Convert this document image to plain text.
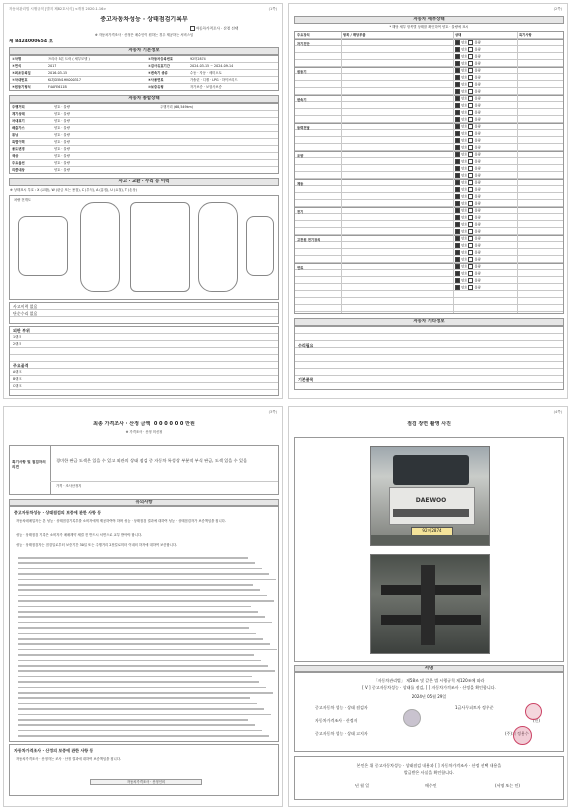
자동차관리법 시행규칙 [별지 제82호서식] <개정 2020.1.16>	(1쪽)
중고자동차성능 · 상태점검기록부
자동차가격조사 · 산정 선택
※ 자동차가격조사 · 산정은 매수인이 원하는 경우 제공하는 서비스임
제 8424000654 호
자동차 기본정보
①차명	프리마 5톤 트럭 ( 세부모델 )	②자동차등록번호	92머2874
③연식	2017	④검사유효기간	2024-03-15 ~ 2024-09-14
⑤최초등록일	2016-03-15	⑥변속기 종류	수동 · 자동 · 세미오토
⑦차대번호	KLTJD5N1HK000317	⑧사용연료	가솔린 · 디젤 · LPG · 하이브리드
⑨원동기형식	F4AFE611B	⑩보증유형	자가보증 · 보험사보증
자동차 종합상태
주행거리	양호 · 불량
계기상태	양호 · 불량
차대표기	양호 · 불량
배출가스	양호 · 불량
튜닝	양호 · 불량
특별이력	양호 · 불량
용도변경	양호 · 불량
색상	양호 · 불량
주요옵션	양호 · 불량
리콜대상	양호 · 불량
주행거리 (68,549km)
사고 · 교환 · 수리 등 이력
※ 상태표시 부호 : X (교환), W (판금 또는 용접), C (부식), A (흠집), U (요철), T (손상)
차량 전개도
사고이력 없음
단순수리 없음
외판 부위
주요골격
1랭크
2랭크
A랭크
B랭크
C랭크
(2쪽)
자동차 세부상태
* 해당 세부 항목별 상태를 확인하여 양호 · 불량에 표시
주요장치	항목 / 해당부품	상태	특기사항
자기진단	양호 불량
양호 불량
양호 불량
양호 불량
원동기	양호 불량
양호 불량
양호 불량
양호 불량
변속기	양호 불량
양호 불량
양호 불량
양호 불량
동력전달	양호 불량
양호 불량
양호 불량
양호 불량
조향	양호 불량
양호 불량
양호 불량
양호 불량
제동	양호 불량
양호 불량
양호 불량
양호 불량
전기	양호 불량
양호 불량
양호 불량
양호 불량
고전원 전기장치	양호 불량
양호 불량
양호 불량
양호 불량
연료	양호 불량
양호 불량
양호 불량
양호 불량
자동차 기타정보
수리필요
기본품목
(3쪽)
최종 가격조사 · 산정 금액 0 0 0 0 0 0 만원
※ 가격조사 · 산정 미신청
특기사항 및 점검자의 의견
경미한 판금 도색은 있을 수 있고 외관의 상태 점검 중 자동차 특성상 부분적 부식 판금, 도색 있을 수 있음
가격 · 조사산정자
유의사항
중고자동차성능 · 상태점검의 보증에 관한 사항 등
자동차매매업자는 본 성능 · 상태점검기록부를 소비자에게 제공하여야 하며 성능 · 상태점검 결과에 대하여 성능 · 상태점검자가 보증책임을 집니다.
성능 · 상태점검 기록은 소비자가 매매계약 체결 전 반드시 서면으로 교부 받아야 합니다.
성능 · 상태점검자는 점검일로부터 보증기간 30일 또는 주행거리 2천킬로미터 이내의 하자에 대하여 보증합니다.
자동차가격조사 · 산정의 보증에 관한 사항 등
자동차가격조사 · 산정자는 조사 · 산정 결과에 대하여 보증책임을 집니다.
자동차가격조사 · 산정인의
(4쪽)
점검 장면 촬영 사진
DAEWOO
92머2874
서명
「자동차관리법」 제58조 및 같은 법 시행규칙 제120조에 따라
[ V ] 중고자동차성능 · 상태를 점검, [ ] 자동차가격조사 · 산정을 확인합니다.
2024년 05월 29일
중고자동차 성능 · 상태 점검자	1급사무피트자 정우준
자동차가격조사 · 산정자	(인)
중고자동차 성능 · 상태 고지자	(주)지 정용수
본인은 위 중고자동차성능 · 상태점검 내용과 [ ] 자동차가격조사 · 산정 선택 내용을
발급받은 사실을 확인합니다.
년 월 일	매수인	(서명 또는 인)
